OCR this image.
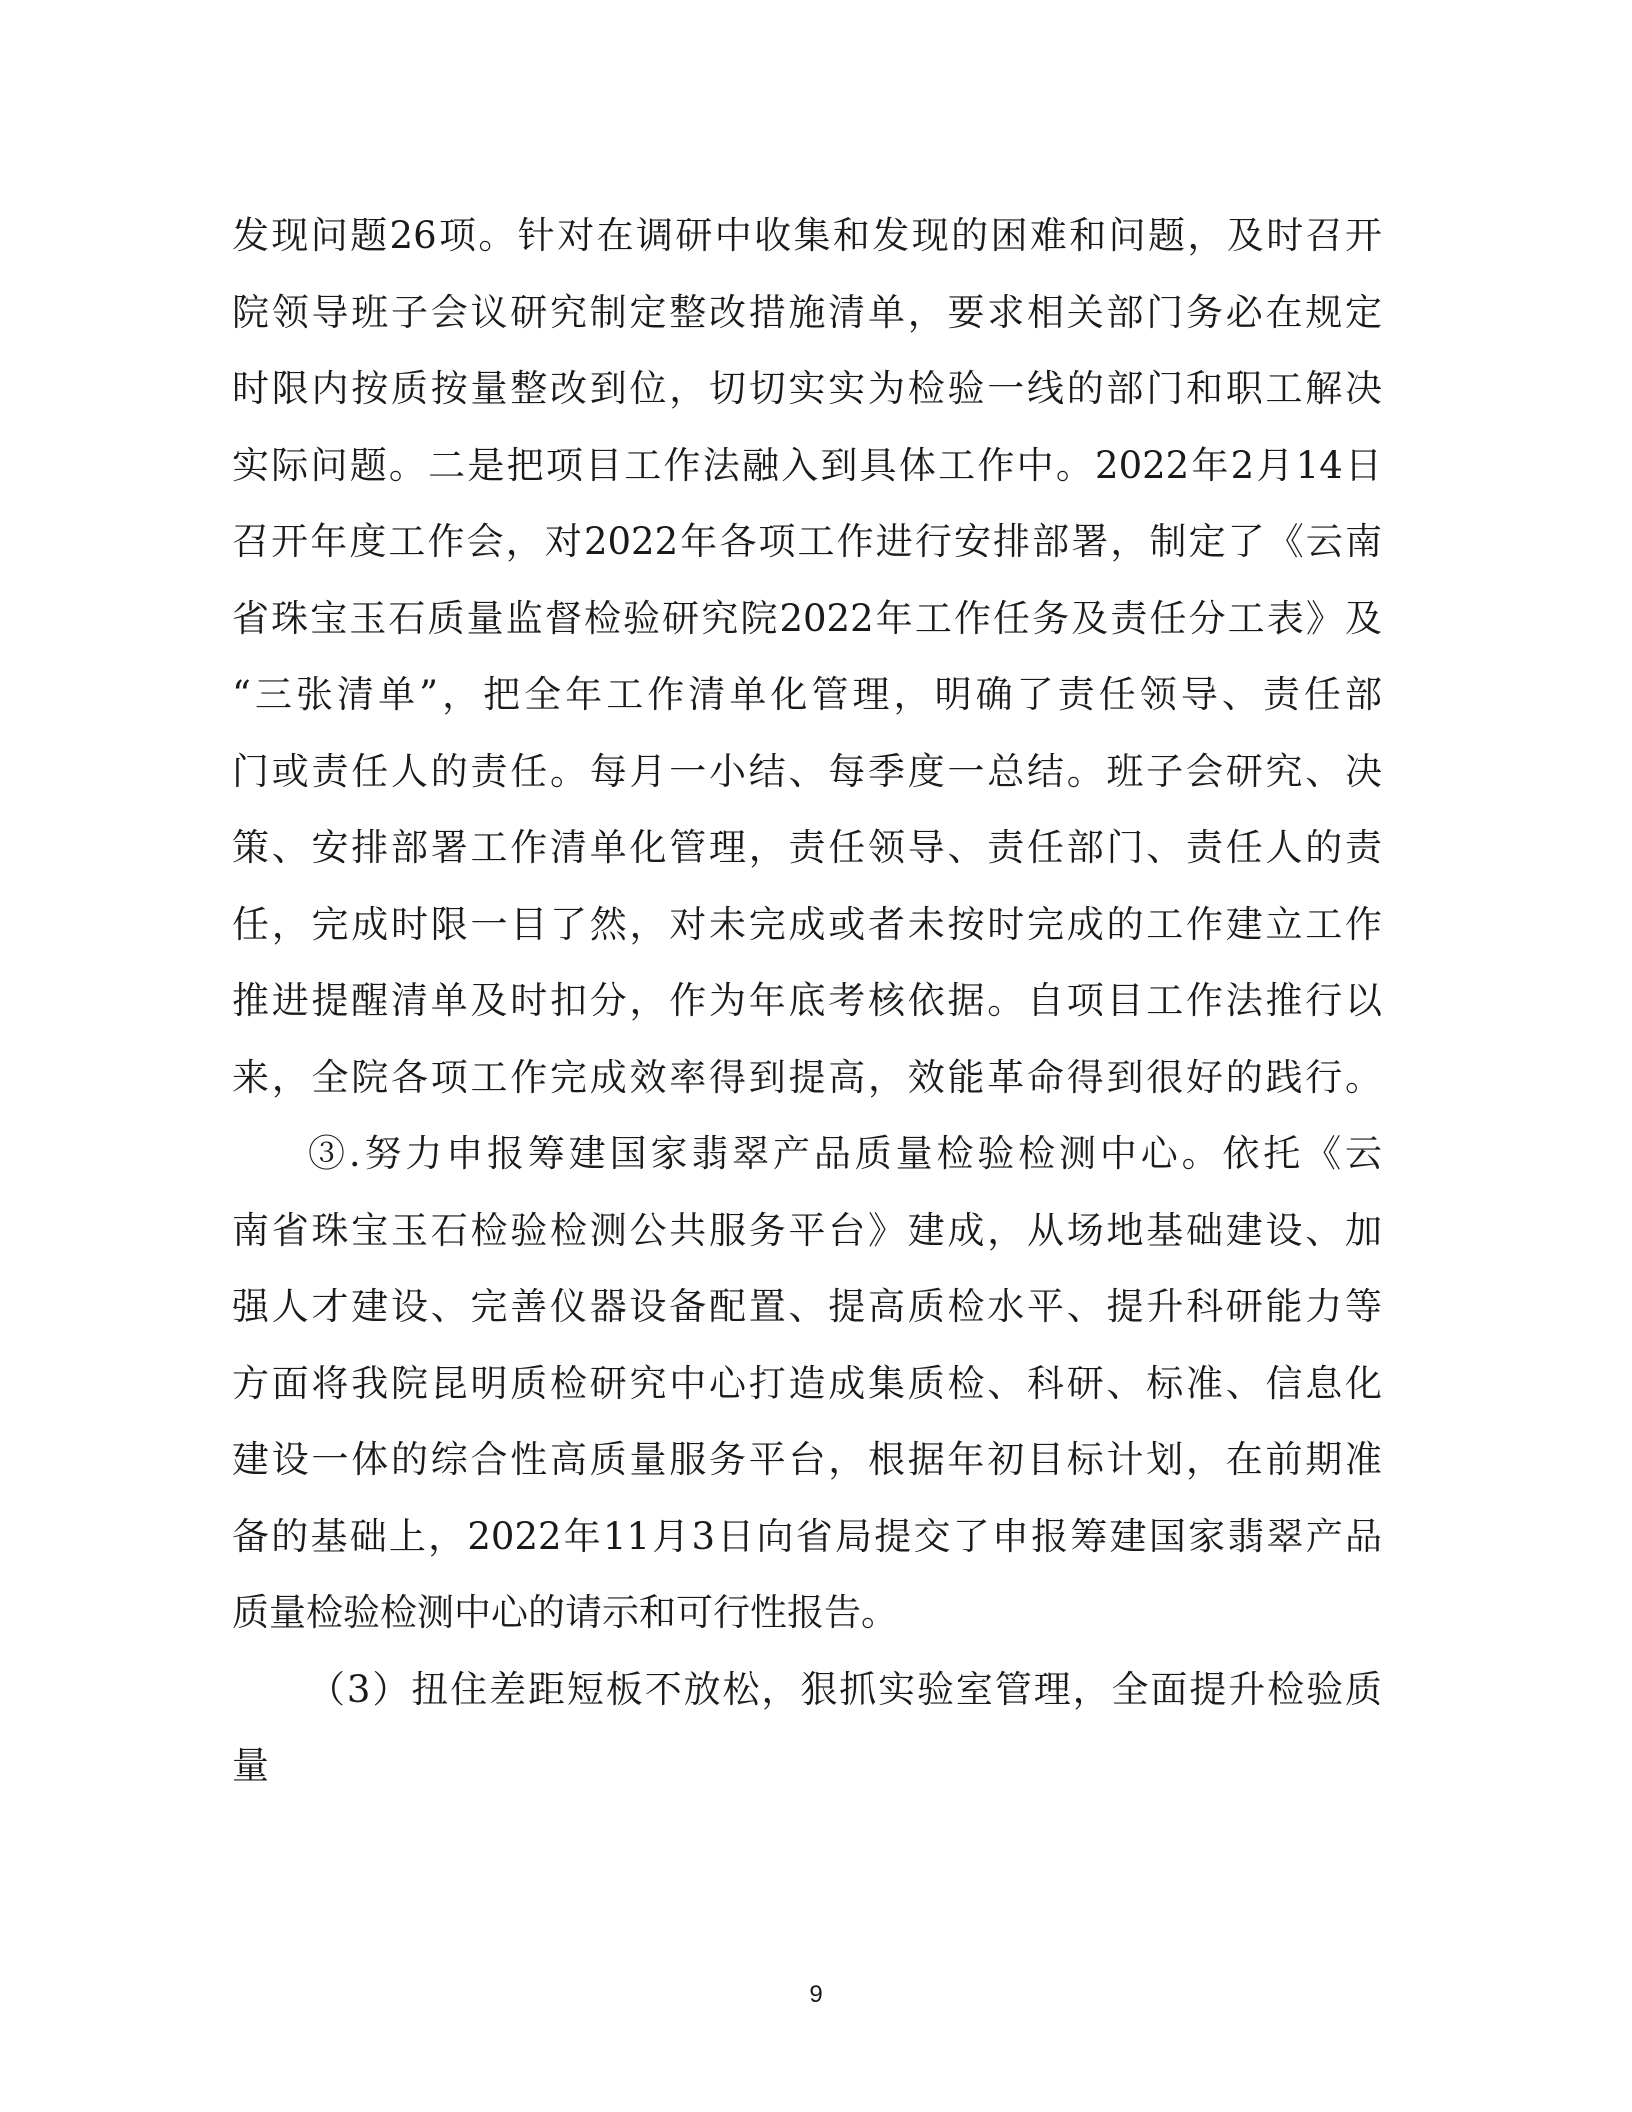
发现问题26项。针对在调研中收集和发现的困难和问题，及时召开
院领导班子会议研究制定整改措施清单，要求相关部门务必在规定
时限内按质按量整改到位，切切实实为检验一线的部门和职工解决
实际问题。二是把项目工作法融入到具体工作中。2022年2月14日
召开年度工作会，对2022年各项工作进行安排部署，制定了《云南
省珠宝玉石质量监督检验研究院2022年工作任务及责任分工表》及
“三张清单”，把全年工作清单化管理，明确了责任领导、责任部
门或责任人的责任。每月一小结、每季度一总结。班子会研究、决
策、安排部署工作清单化管理，责任领导、责任部门、责任人的责
任，完成时限一目了然，对未完成或者未按时完成的工作建立工作
推进提醒清单及时扣分，作为年底考核依据。自项目工作法推行以
来，全院各项工作完成效率得到提高，效能革命得到很好的践行。
③.努力申报筹建国家翡翠产品质量检验检测中心。依托《云
南省珠宝玉石检验检测公共服务平台》建成，从场地基础建设、加
强人才建设、完善仪器设备配置、提高质检水平、提升科研能力等
方面将我院昆明质检研究中心打造成集质检、科研、标准、信息化
建设一体的综合性高质量服务平台，根据年初目标计划，在前期准
备的基础上，2022年11月3日向省局提交了申报筹建国家翡翠产品
质量检验检测中心的请示和可行性报告。
（3）扭住差距短板不放松，狠抓实验室管理，全面提升检验质
量
9
